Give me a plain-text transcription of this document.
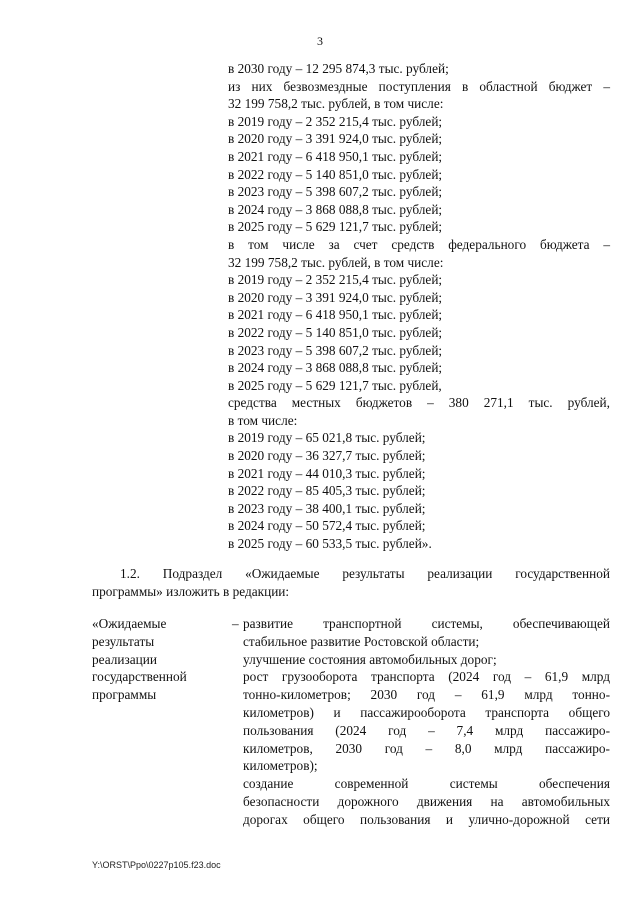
3
в 2030 году – 12 295 874,3 тыс. рублей;
из них безвозмездные поступления в областной бюджет –
32 199 758,2 тыс. рублей, в том числе:
в 2019 году – 2 352 215,4 тыс. рублей;
в 2020 году – 3 391 924,0 тыс. рублей;
в 2021 году – 6 418 950,1 тыс. рублей;
в 2022 году – 5 140 851,0 тыс. рублей;
в 2023 году – 5 398 607,2 тыс. рублей;
в 2024 году – 3 868 088,8 тыс. рублей;
в 2025 году – 5 629 121,7 тыс. рублей;
в том числе за счет средств федерального бюджета –
32 199 758,2 тыс. рублей, в том числе:
в 2019 году – 2 352 215,4 тыс. рублей;
в 2020 году – 3 391 924,0 тыс. рублей;
в 2021 году – 6 418 950,1 тыс. рублей;
в 2022 году – 5 140 851,0 тыс. рублей;
в 2023 году – 5 398 607,2 тыс. рублей;
в 2024 году – 3 868 088,8 тыс. рублей;
в 2025 году – 5 629 121,7 тыс. рублей,
средства местных бюджетов – 380 271,1 тыс. рублей,
в том числе:
в 2019 году – 65 021,8 тыс. рублей;
в 2020 году – 36 327,7 тыс. рублей;
в 2021 году – 44 010,3 тыс. рублей;
в 2022 году – 85 405,3 тыс. рублей;
в 2023 году – 38 400,1 тыс. рублей;
в 2024 году – 50 572,4 тыс. рублей;
в 2025 году – 60 533,5 тыс. рублей».
1.2. Подраздел «Ожидаемые результаты реализации государственной
программы» изложить в редакции:
«Ожидаемые
результаты
реализации
государственной
программы
– развитие транспортной системы, обеспечивающей
стабильное развитие Ростовской области;
улучшение состояния автомобильных дорог;
рост грузооборота транспорта (2024 год – 61,9 млрд
тонно-километров; 2030 год – 61,9 млрд тонно-
километров) и пассажирооборота транспорта общего
пользования (2024 год – 7,4 млрд пассажиро-
километров, 2030 год – 8,0 млрд пассажиро-
километров);
создание современной системы обеспечения
безопасности дорожного движения на автомобильных
дорогах общего пользования и улично-дорожной сети
Y:\ORST\Ppo\0227p105.f23.doc
